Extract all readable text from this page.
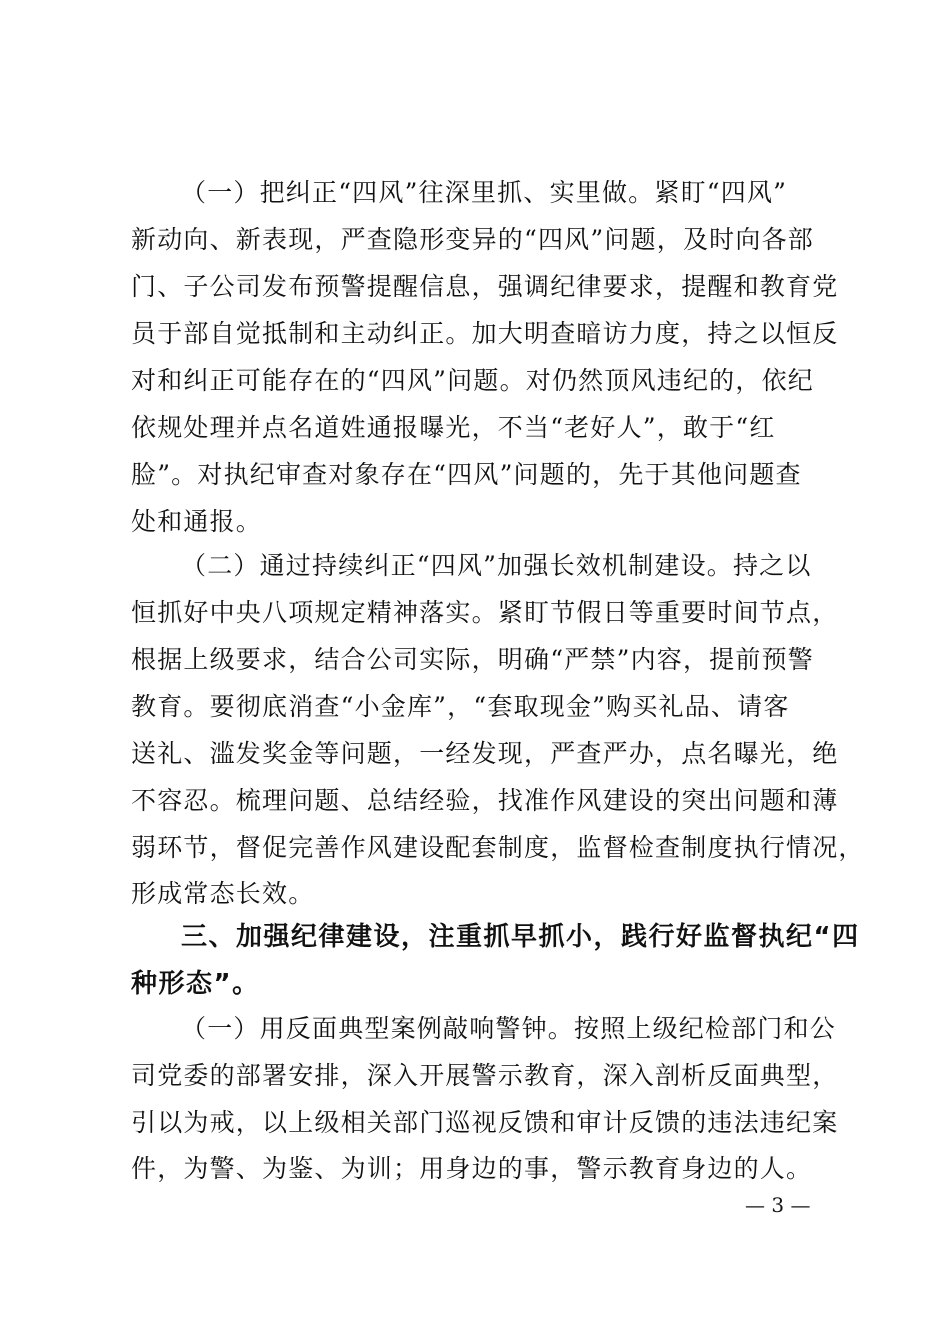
（一）把纠正“四风”往深里抓、实里做。紧盯“四风”
新动向、新表现，严查隐形变异的“四风”问题，及时向各部
门、子公司发布预警提醒信息，强调纪律要求，提醒和教育党
员于部自觉抵制和主动纠正。加大明查暗访力度，持之以恒反
对和纠正可能存在的“四风”问题。对仍然顶风违纪的，依纪
依规处理并点名道姓通报曝光，不当“老好人”，敢于“红
脸”。对执纪审查对象存在“四风”问题的，先于其他问题查
处和通报。
（二）通过持续纠正“四风”加强长效机制建设。持之以
恒抓好中央八项规定精神落实。紧盯节假日等重要时间节点，
根据上级要求，结合公司实际，明确“严禁”内容，提前预警
教育。要彻底消查“小金库”，“套取现金”购买礼品、请客
送礼、滥发奖金等问题，一经发现，严查严办，点名曝光，绝
不容忍。梳理问题、总结经验，找准作风建设的突出问题和薄
弱环节，督促完善作风建设配套制度，监督检查制度执行情况，
形成常态长效。
三、加强纪律建设，注重抓早抓小，践行好监督执纪“四
种形态”。
（一）用反面典型案例敲响警钟。按照上级纪检部门和公
司党委的部署安排，深入开展警示教育，深入剖析反面典型，
引以为戒，以上级相关部门巡视反馈和审计反馈的违法违纪案
件，为警、为鉴、为训；用身边的事，警示教育身边的人。
— 3 —
